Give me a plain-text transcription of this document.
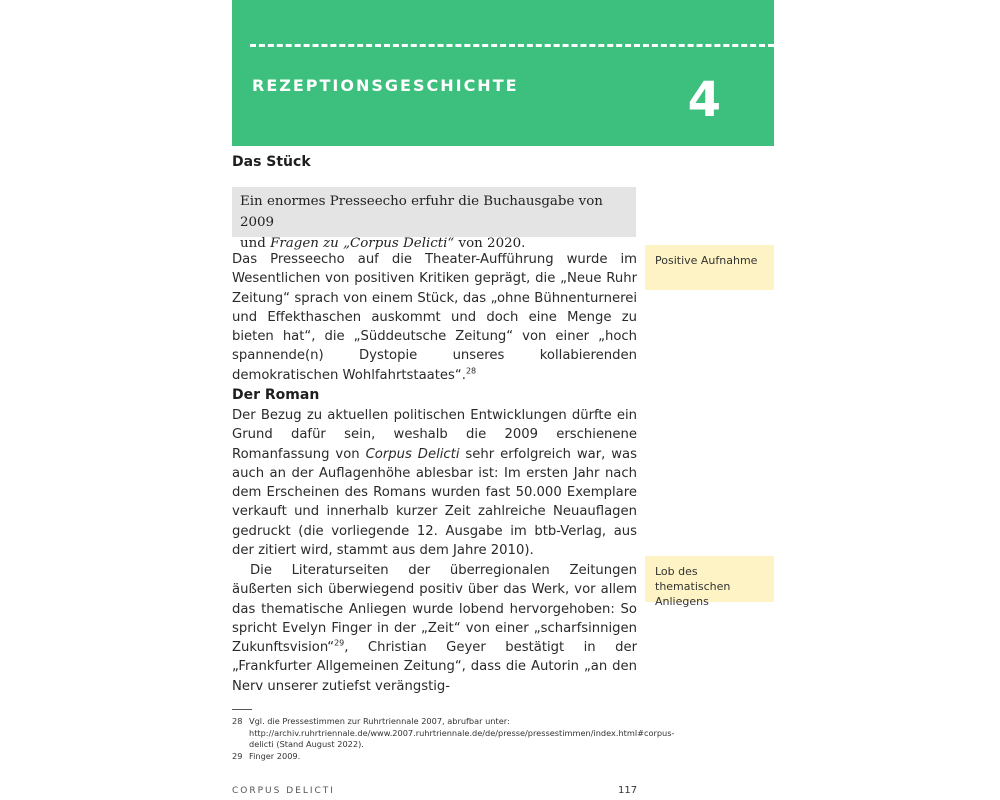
REZEPTIONSGESCHICHTE	4
Das Stück
Ein enormes Presseecho erfuhr die Buchausgabe von 2009
und Fragen zu „Corpus Delicti“ von 2020.

Das Presseecho auf die Theater-Aufführung wurde im Wesentlichen von positiven Kritiken geprägt, die „Neue Ruhr Zeitung“ sprach von einem Stück, das „ohne Bühnenturnerei und Effekthaschen auskommt und doch eine Menge zu bieten hat“, die „Süddeutsche Zeitung“ von einer „hoch spannende(n) Dystopie unseres kollabierenden demokratischen Wohlfahrtstaates“.$^{28}$

Der Roman

Der Bezug zu aktuellen politischen Entwicklungen dürfte ein Grund dafür sein, weshalb die 2009 erschienene Romanfassung von Corpus Delicti sehr erfolgreich war, was auch an der Auflagenhöhe ablesbar ist: Im ersten Jahr nach dem Erscheinen des Romans wurden fast 50.000 Exemplare verkauft und innerhalb kurzer Zeit zahlreiche Neuauflagen gedruckt (die vorliegende 12. Ausgabe im btb-Verlag, aus der zitiert wird, stammt aus dem Jahre 2010).

Die Literaturseiten der überregionalen Zeitungen äußerten sich überwiegend positiv über das Werk, vor allem das thematische Anliegen wurde lobend hervorgehoben: So spricht Evelyn Finger in der „Zeit“ von einer „scharfsinnigen Zukunftsvision“$^{29}$, Christian Geyer bestätigt in der „Frankfurter Allgemeinen Zeitung“, dass die Autorin „an den Nerv unserer zutiefst verängstig-

Positive Aufnahme
Lob des thematischen Anliegens
28 Vgl. die Pressestimmen zur Ruhrtriennale 2007, abrufbar unter: http://archiv.ruhrtriennale.de/www.2007.ruhrtriennale.de/de/presse/pressestimmen/index.html#corpus-delicti (Stand August 2022).
29 Finger 2009.
CORPUS DELICTI	117
